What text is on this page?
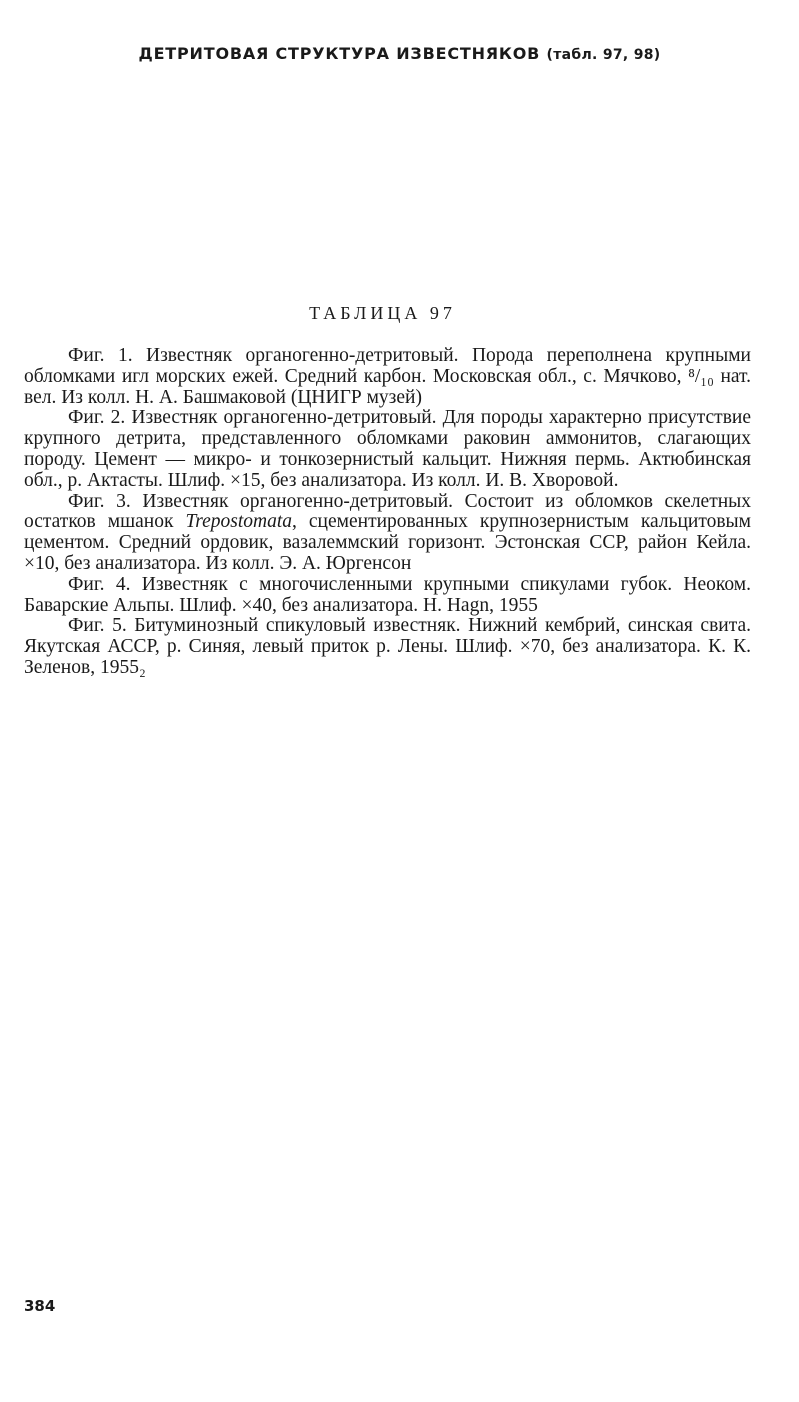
ДЕТРИТОВАЯ СТРУКТУРА ИЗВЕСТНЯКОВ (табл. 97, 98)
ТАБЛИЦА 97

Фиг. 1. Известняк органогенно-детритовый. Порода переполнена крупными обломками игл морских ежей. Средний карбон. Московская обл., с. Мячково, ⁸/₁₀ нат. вел. Из колл. Н. А. Башмаковой (ЦНИГР музей)

Фиг. 2. Известняк органогенно-детритовый. Для породы характерно присутствие крупного детрита, представленного обломками раковин аммонитов, слагающих породу. Цемент — микро- и тонкозернистый кальцит. Нижняя пермь. Актюбинская обл., р. Актасты. Шлиф. ×15, без анализатора. Из колл. И. В. Хворовой.

Фиг. 3. Известняк органогенно-детритовый. Состоит из обломков скелетных остатков мшанок Trepostomata, сцементированных крупнозернистым кальцитовым цементом. Средний ордовик, вазалеммский горизонт. Эстонская ССР, район Кейла. ×10, без анализатора. Из колл. Э. А. Юргенсон

Фиг. 4. Известняк с многочисленными крупными спикулами губок. Неоком. Баварские Альпы. Шлиф. ×40, без анализатора. Н. Hagn, 1955

Фиг. 5. Битуминозный спикуловый известняк. Нижний кембрий, синская свита. Якутская АССР, р. Синяя, левый приток р. Лены. Шлиф. ×70, без анализатора. К. К. Зеленов, 1955₂

384
